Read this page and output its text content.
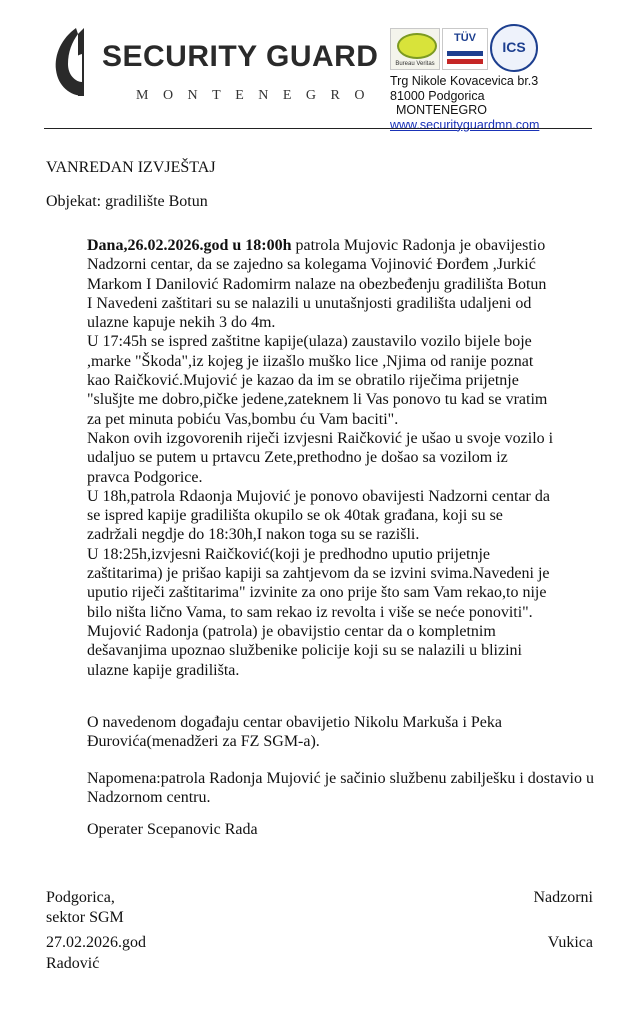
SECURITY GUARD
MONTENEGRO
Bureau Veritas
TÜV
ICS
Trg Nikole Kovacevica br.3
81000 Podgorica
MONTENEGRO
www.securityguardmn.com
VANREDAN IZVJEŠTAJ
Objekat: gradilište Botun
Dana,26.02.2026.god u 18:00h patrola Mujovic Radonja je obavijestio
Nadzorni centar, da se zajedno sa kolegama Vojinović Đorđem ,Jurkić
Markom I Danilović Radomirm nalaze na obezbeđenju gradilišta Botun
I Navedeni zaštitari su se nalazili u unutašnjosti gradilišta udaljeni od
ulazne kapuje nekih 3 do 4m.
U 17:45h se ispred zaštitne kapije(ulaza) zaustavilo vozilo bijele boje
,marke "Škoda",iz kojeg je iizašlo muško lice ,Njima od ranije poznat
kao Raičković.Mujović je kazao da im se obratilo riječima prijetnje
"slušjte me dobro,pičke jedene,zateknem li Vas ponovo tu kad se vratim
za pet minuta pobiću Vas,bombu ću Vam baciti".
Nakon ovih izgovorenih riječi izvjesni Raičković je ušao u svoje vozilo i
udaljuo se putem u prtavcu Zete,prethodno je došao sa vozilom iz
pravca Podgorice.
U 18h,patrola Rdaonja Mujović je ponovo obavijesti Nadzorni centar da
se ispred kapije gradilišta okupilo se ok 40tak građana, koji su se
zadržali negdje do 18:30h,I nakon toga su se razišli.
U 18:25h,izvjesni Raičković(koji je predhodno uputio prijetnje
zaštitarima) je prišao kapiji sa zahtjevom da se izvini svima.Navedeni je
uputio riječi zaštitarima" izvinite za ono prije što sam Vam rekao,to nije
bilo ništa lično Vama, to sam rekao iz revolta i više se neće ponoviti".
Mujović Radonja (patrola) je obavijstio centar da o kompletnim
dešavanjima upoznao službenike policije koji su se nalazili u blizini
ulazne kapije gradilišta.
O navedenom događaju centar obavijetio Nikolu Markuša i Peka Đurovića(menadžeri za FZ SGM-a).
Napomena:patrola Radonja Mujović je sačinio službenu zabilješku i dostavio u Nadzornom centru.
Operater Scepanovic Rada
Podgorica,
sektor SGM
27.02.2026.god
Radović
Nadzorni
Vukica
